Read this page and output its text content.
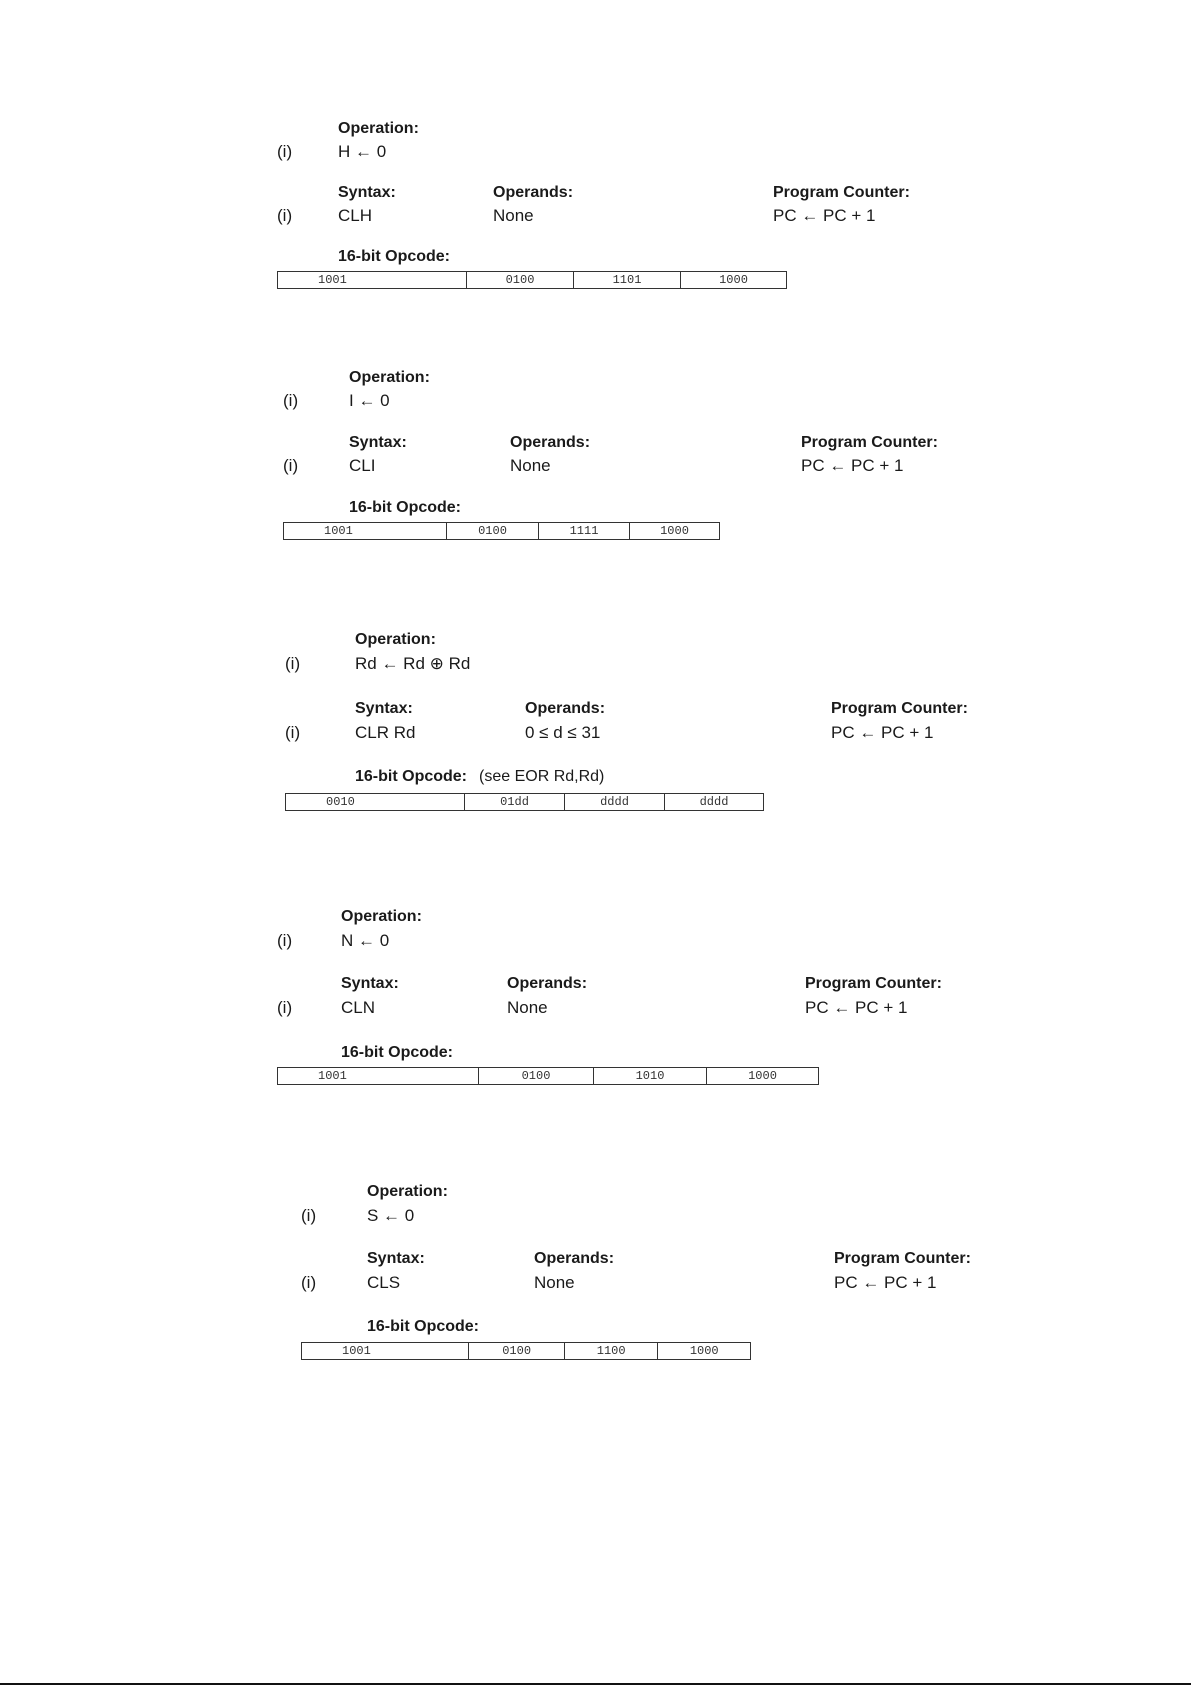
Operation:
(i)	H ← 0
Syntax:	Operands:	Program Counter:
(i)	CLH	None	PC ← PC + 1
16-bit Opcode:
1001	0100	1101	1000
Operation:
(i)	I ← 0
Syntax:	Operands:	Program Counter:
(i)	CLI	None	PC ← PC + 1
16-bit Opcode:
1001	0100	1111	1000
Operation:
(i)	Rd ← Rd ⊕ Rd
Syntax:	Operands:	Program Counter:
(i)	CLR Rd	0 ≤ d ≤ 31	PC ← PC + 1
16-bit Opcode: (see EOR Rd,Rd)
0010	01dd	dddd	dddd
Operation:
(i)	N ← 0
Syntax:	Operands:	Program Counter:
(i)	CLN	None	PC ← PC + 1
16-bit Opcode:
1001	0100	1010	1000
Operation:
(i)	S ← 0
Syntax:	Operands:	Program Counter:
(i)	CLS	None	PC ← PC + 1
16-bit Opcode:
1001	0100	1100	1000
